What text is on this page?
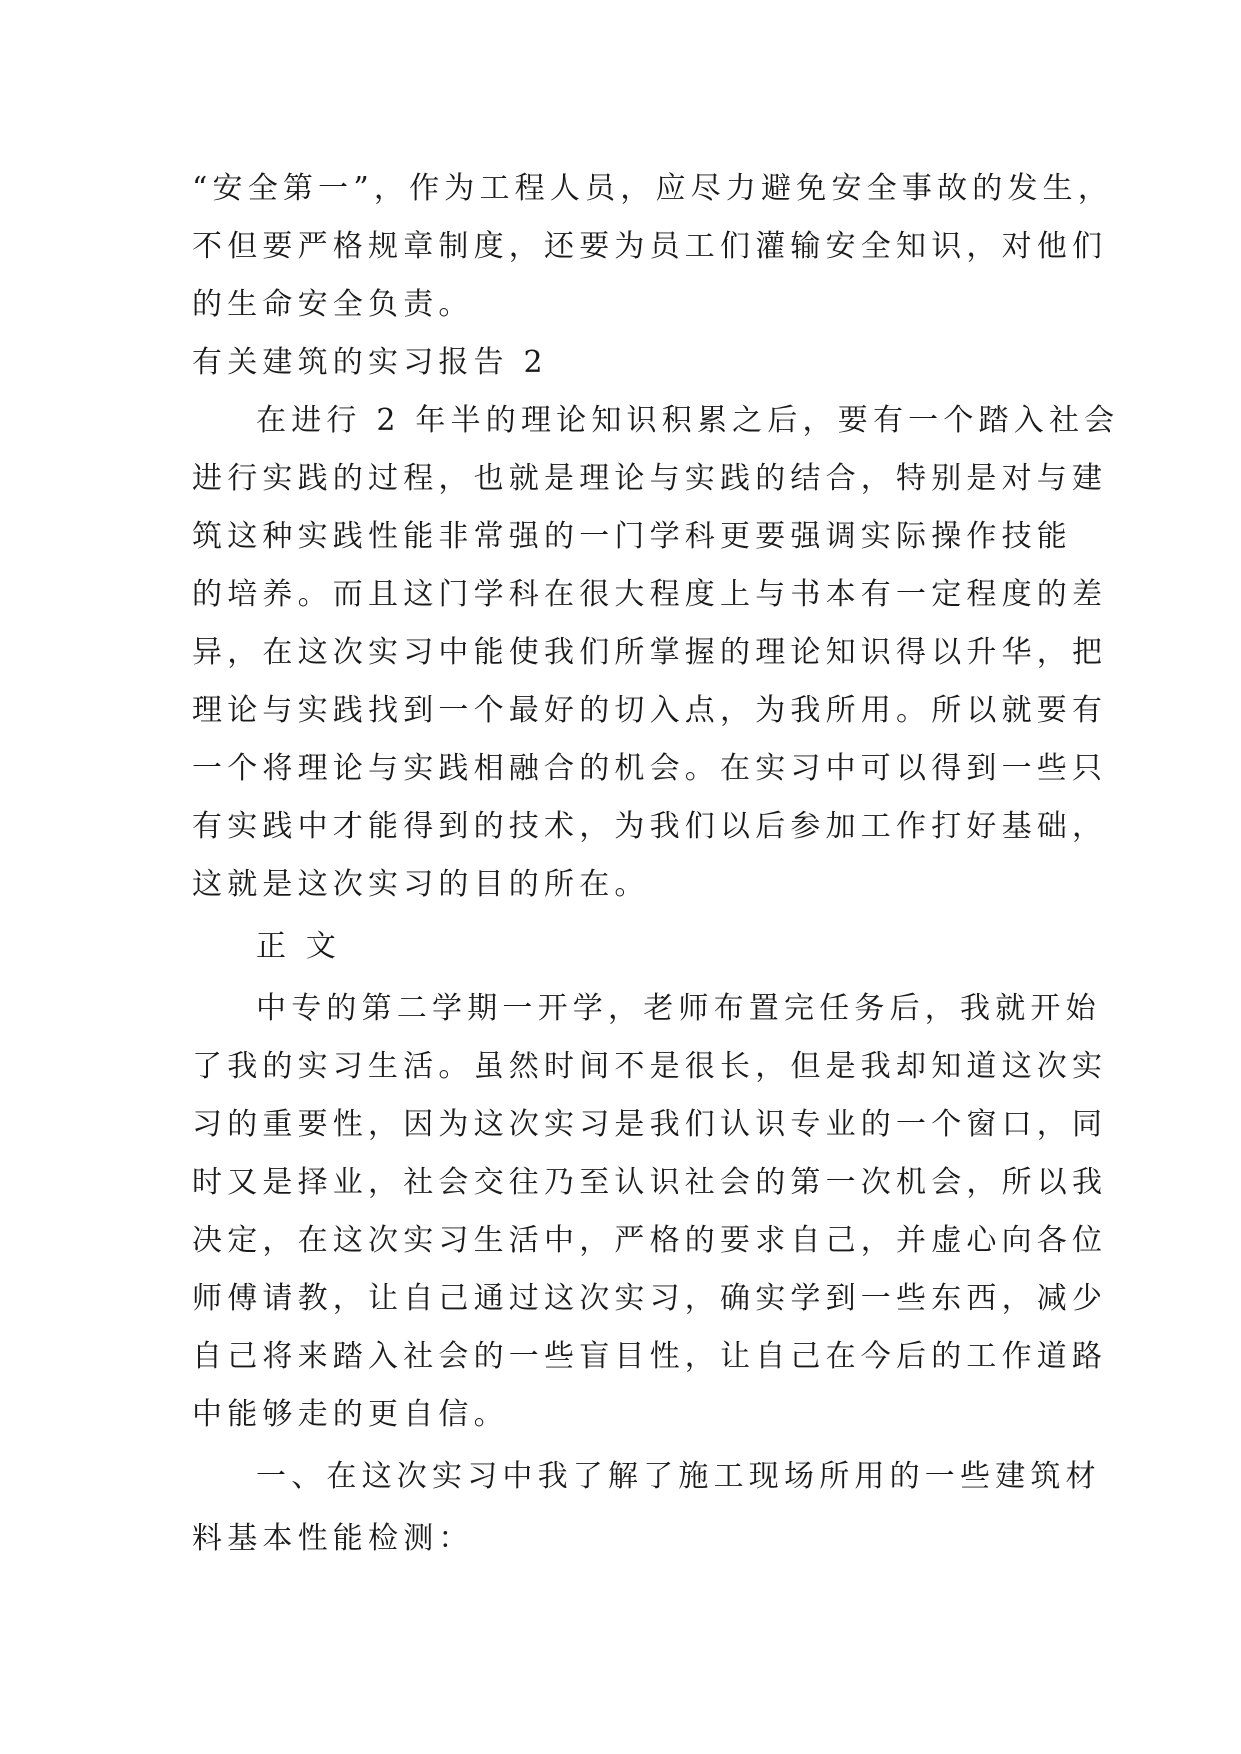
“安全第一”，作为工程人员，应尽力避免安全事故的发生，
不但要严格规章制度，还要为员工们灌输安全知识，对他们
的生命安全负责。
有关建筑的实习报告 2
在进行 2 年半的理论知识积累之后，要有一个踏入社会
进行实践的过程，也就是理论与实践的结合，特别是对与建
筑这种实践性能非常强的一门学科更要强调实际操作技能
的培养。而且这门学科在很大程度上与书本有一定程度的差
异，在这次实习中能使我们所掌握的理论知识得以升华，把
理论与实践找到一个最好的切入点，为我所用。所以就要有
一个将理论与实践相融合的机会。在实习中可以得到一些只
有实践中才能得到的技术，为我们以后参加工作打好基础，
这就是这次实习的目的所在。
正 文
中专的第二学期一开学，老师布置完任务后，我就开始
了我的实习生活。虽然时间不是很长，但是我却知道这次实
习的重要性，因为这次实习是我们认识专业的一个窗口，同
时又是择业，社会交往乃至认识社会的第一次机会，所以我
决定，在这次实习生活中，严格的要求自己，并虚心向各位
师傅请教，让自己通过这次实习，确实学到一些东西，减少
自己将来踏入社会的一些盲目性，让自己在今后的工作道路
中能够走的更自信。
一、在这次实习中我了解了施工现场所用的一些建筑材
料基本性能检测：
